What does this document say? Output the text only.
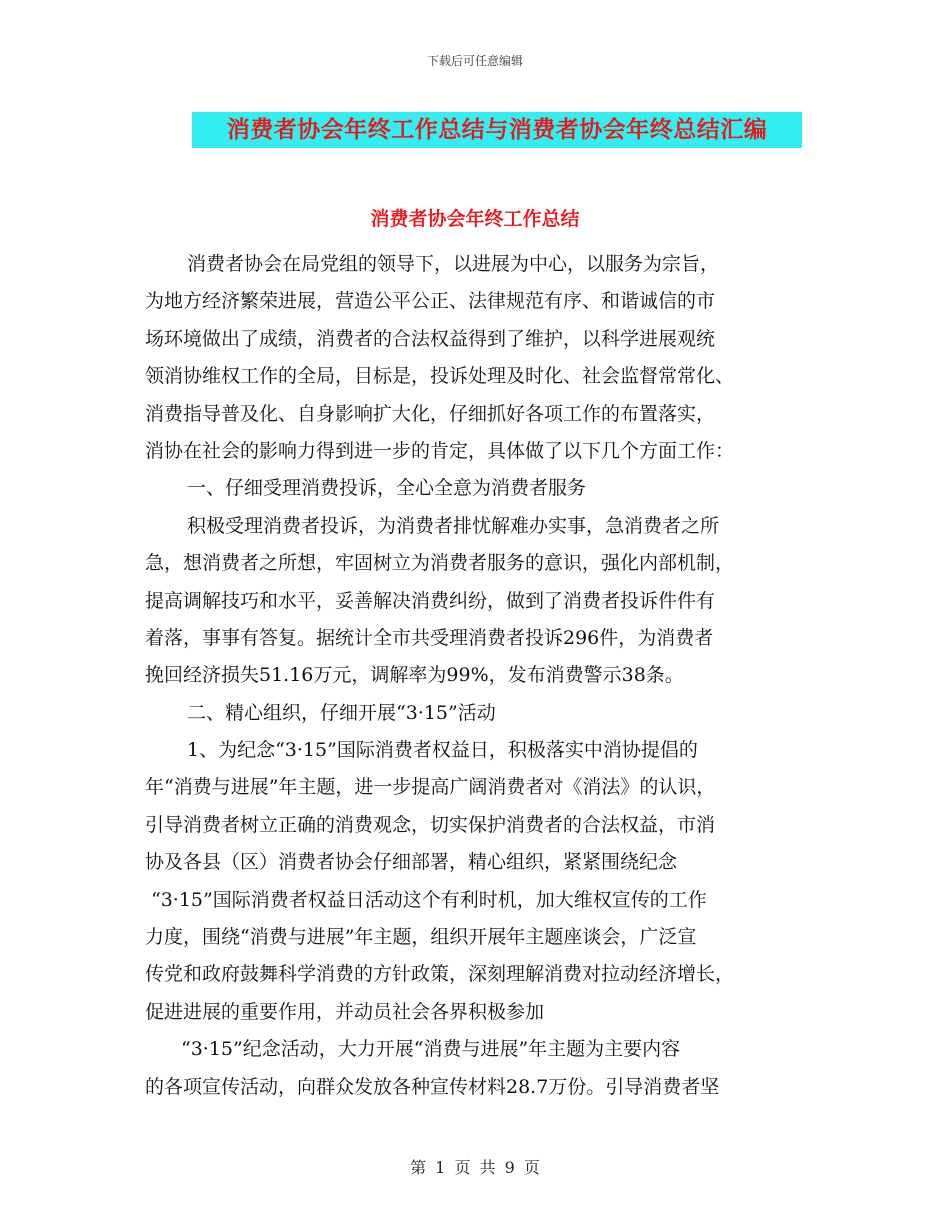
下载后可任意编辑
消费者协会年终工作总结与消费者协会年终总结汇编
消费者协会年终工作总结
消费者协会在局党组的领导下，以进展为中心，以服务为宗旨，
为地方经济繁荣进展，营造公平公正、法律规范有序、和谐诚信的市
场环境做出了成绩，消费者的合法权益得到了维护，以科学进展观统
领消协维权工作的全局，目标是，投诉处理及时化、社会监督常常化、
消费指导普及化、自身影响扩大化，仔细抓好各项工作的布置落实，
消协在社会的影响力得到进一步的肯定，具体做了以下几个方面工作：
一、仔细受理消费投诉，全心全意为消费者服务
积极受理消费者投诉，为消费者排忧解难办实事，急消费者之所
急，想消费者之所想，牢固树立为消费者服务的意识，强化内部机制，
提高调解技巧和水平，妥善解决消费纠纷，做到了消费者投诉件件有
着落，事事有答复。据统计全市共受理消费者投诉296件，为消费者
挽回经济损失51.16万元，调解率为99%，发布消费警示38条。
二、精心组织，仔细开展“3·15”活动
1、为纪念“3·15”国际消费者权益日，积极落实中消协提倡的
年“消费与进展”年主题，进一步提高广阔消费者对《消法》的认识，
引导消费者树立正确的消费观念，切实保护消费者的合法权益，市消
协及各县（区）消费者协会仔细部署，精心组织，紧紧围绕纪念
“3·15”国际消费者权益日活动这个有利时机，加大维权宣传的工作
力度，围绕“消费与进展”年主题，组织开展年主题座谈会，广泛宣
传党和政府鼓舞科学消费的方针政策，深刻理解消费对拉动经济增长，
促进进展的重要作用，并动员社会各界积极参加
“3·15”纪念活动，大力开展“消费与进展”年主题为主要内容
的各项宣传活动，向群众发放各种宣传材料28.7万份。引导消费者坚
第 1 页 共 9 页
